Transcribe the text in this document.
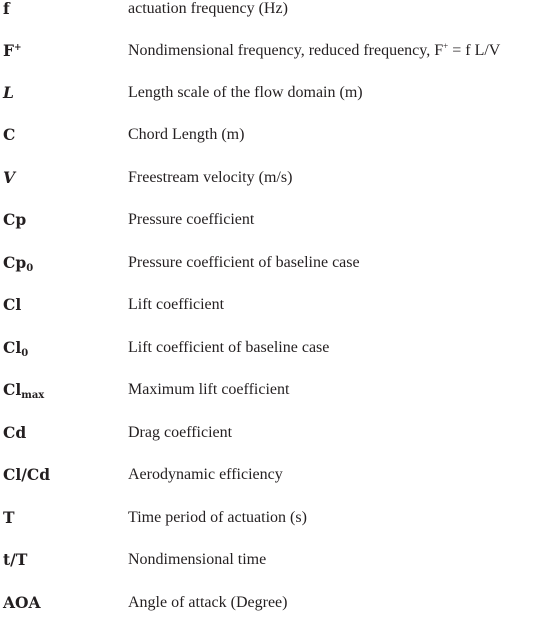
f	actuation frequency (Hz)
F+	Nondimensional frequency, reduced frequency, F+ = f L/V
L	Length scale of the flow domain (m)
C	Chord Length (m)
V	Freestream velocity (m/s)
Cp	Pressure coefficient
$Cp_0$	Pressure coefficient of baseline case
Cl	Lift coefficient
$Cl_0$	Lift coefficient of baseline case
$Cl_{max}$	Maximum lift coefficient
Cd	Drag coefficient
Cl/Cd	Aerodynamic efficiency
T	Time period of actuation (s)
t/T	Nondimensional time
AOA	Angle of attack (Degree)
